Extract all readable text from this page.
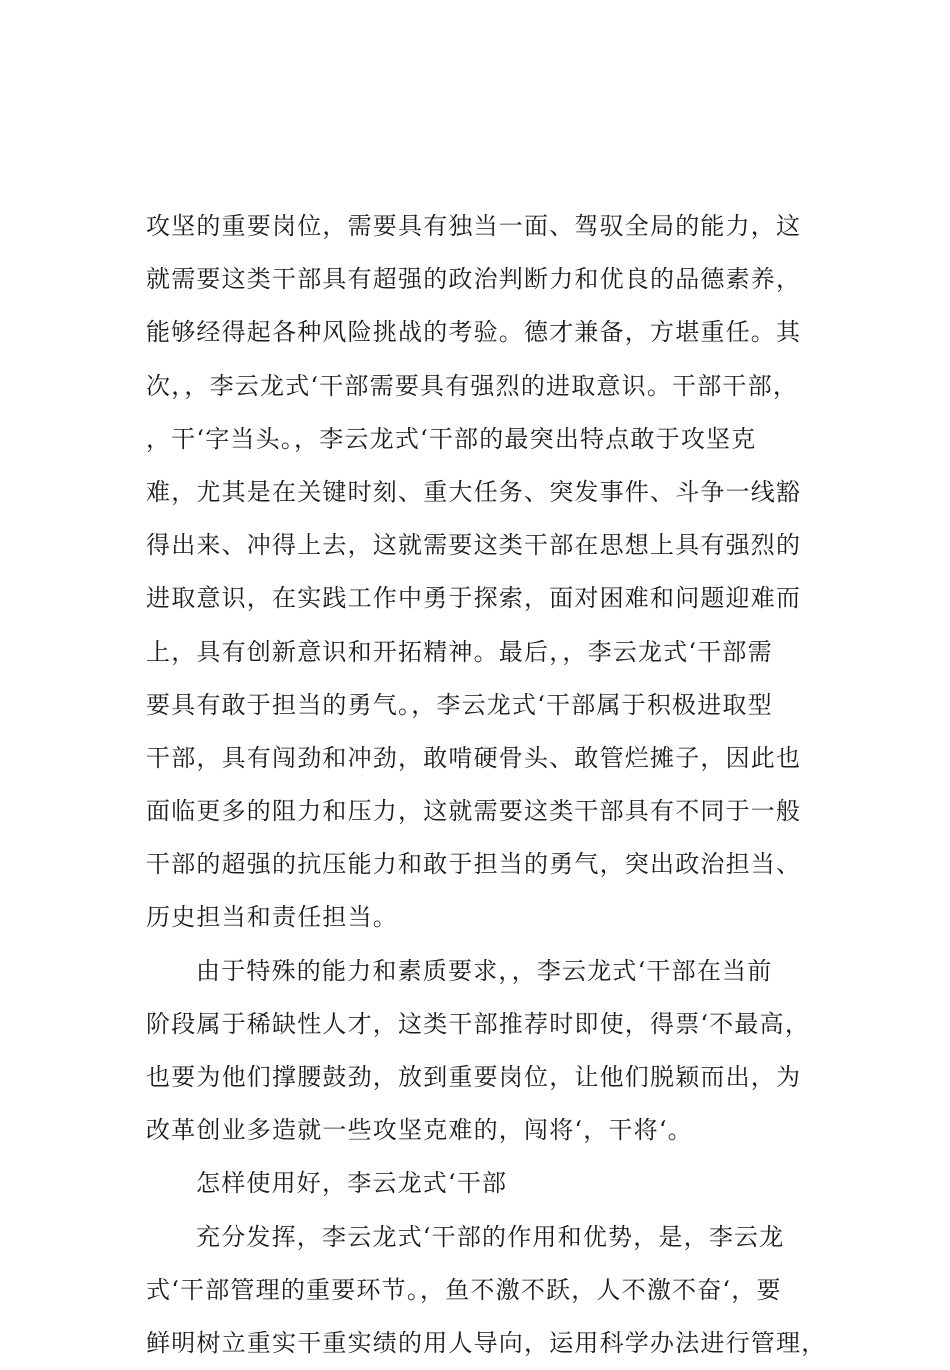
攻坚的重要岗位，需要具有独当一面、驾驭全局的能力，这
就需要这类干部具有超强的政治判断力和优良的品德素养，
能够经得起各种风险挑战的考验。德才兼备，方堪重任。其
次，，李云龙式‘干部需要具有强烈的进取意识。干部干部，
，干‘字当头。，李云龙式‘干部的最突出特点敢于攻坚克
难，尤其是在关键时刻、重大任务、突发事件、斗争一线豁
得出来、冲得上去，这就需要这类干部在思想上具有强烈的
进取意识，在实践工作中勇于探索，面对困难和问题迎难而
上，具有创新意识和开拓精神。最后，，李云龙式‘干部需
要具有敢于担当的勇气。，李云龙式‘干部属于积极进取型
干部，具有闯劲和冲劲，敢啃硬骨头、敢管烂摊子，因此也
面临更多的阻力和压力，这就需要这类干部具有不同于一般
干部的超强的抗压能力和敢于担当的勇气，突出政治担当、
历史担当和责任担当。
由于特殊的能力和素质要求，，李云龙式‘干部在当前
阶段属于稀缺性人才，这类干部推荐时即使，得票‘不最高，
也要为他们撑腰鼓劲，放到重要岗位，让他们脱颖而出，为
改革创业多造就一些攻坚克难的，闯将‘，干将‘。
怎样使用好，李云龙式‘干部
充分发挥，李云龙式‘干部的作用和优势，是，李云龙
式‘干部管理的重要环节。，鱼不激不跃，人不激不奋‘，要
鲜明树立重实干重实绩的用人导向，运用科学办法进行管理，
